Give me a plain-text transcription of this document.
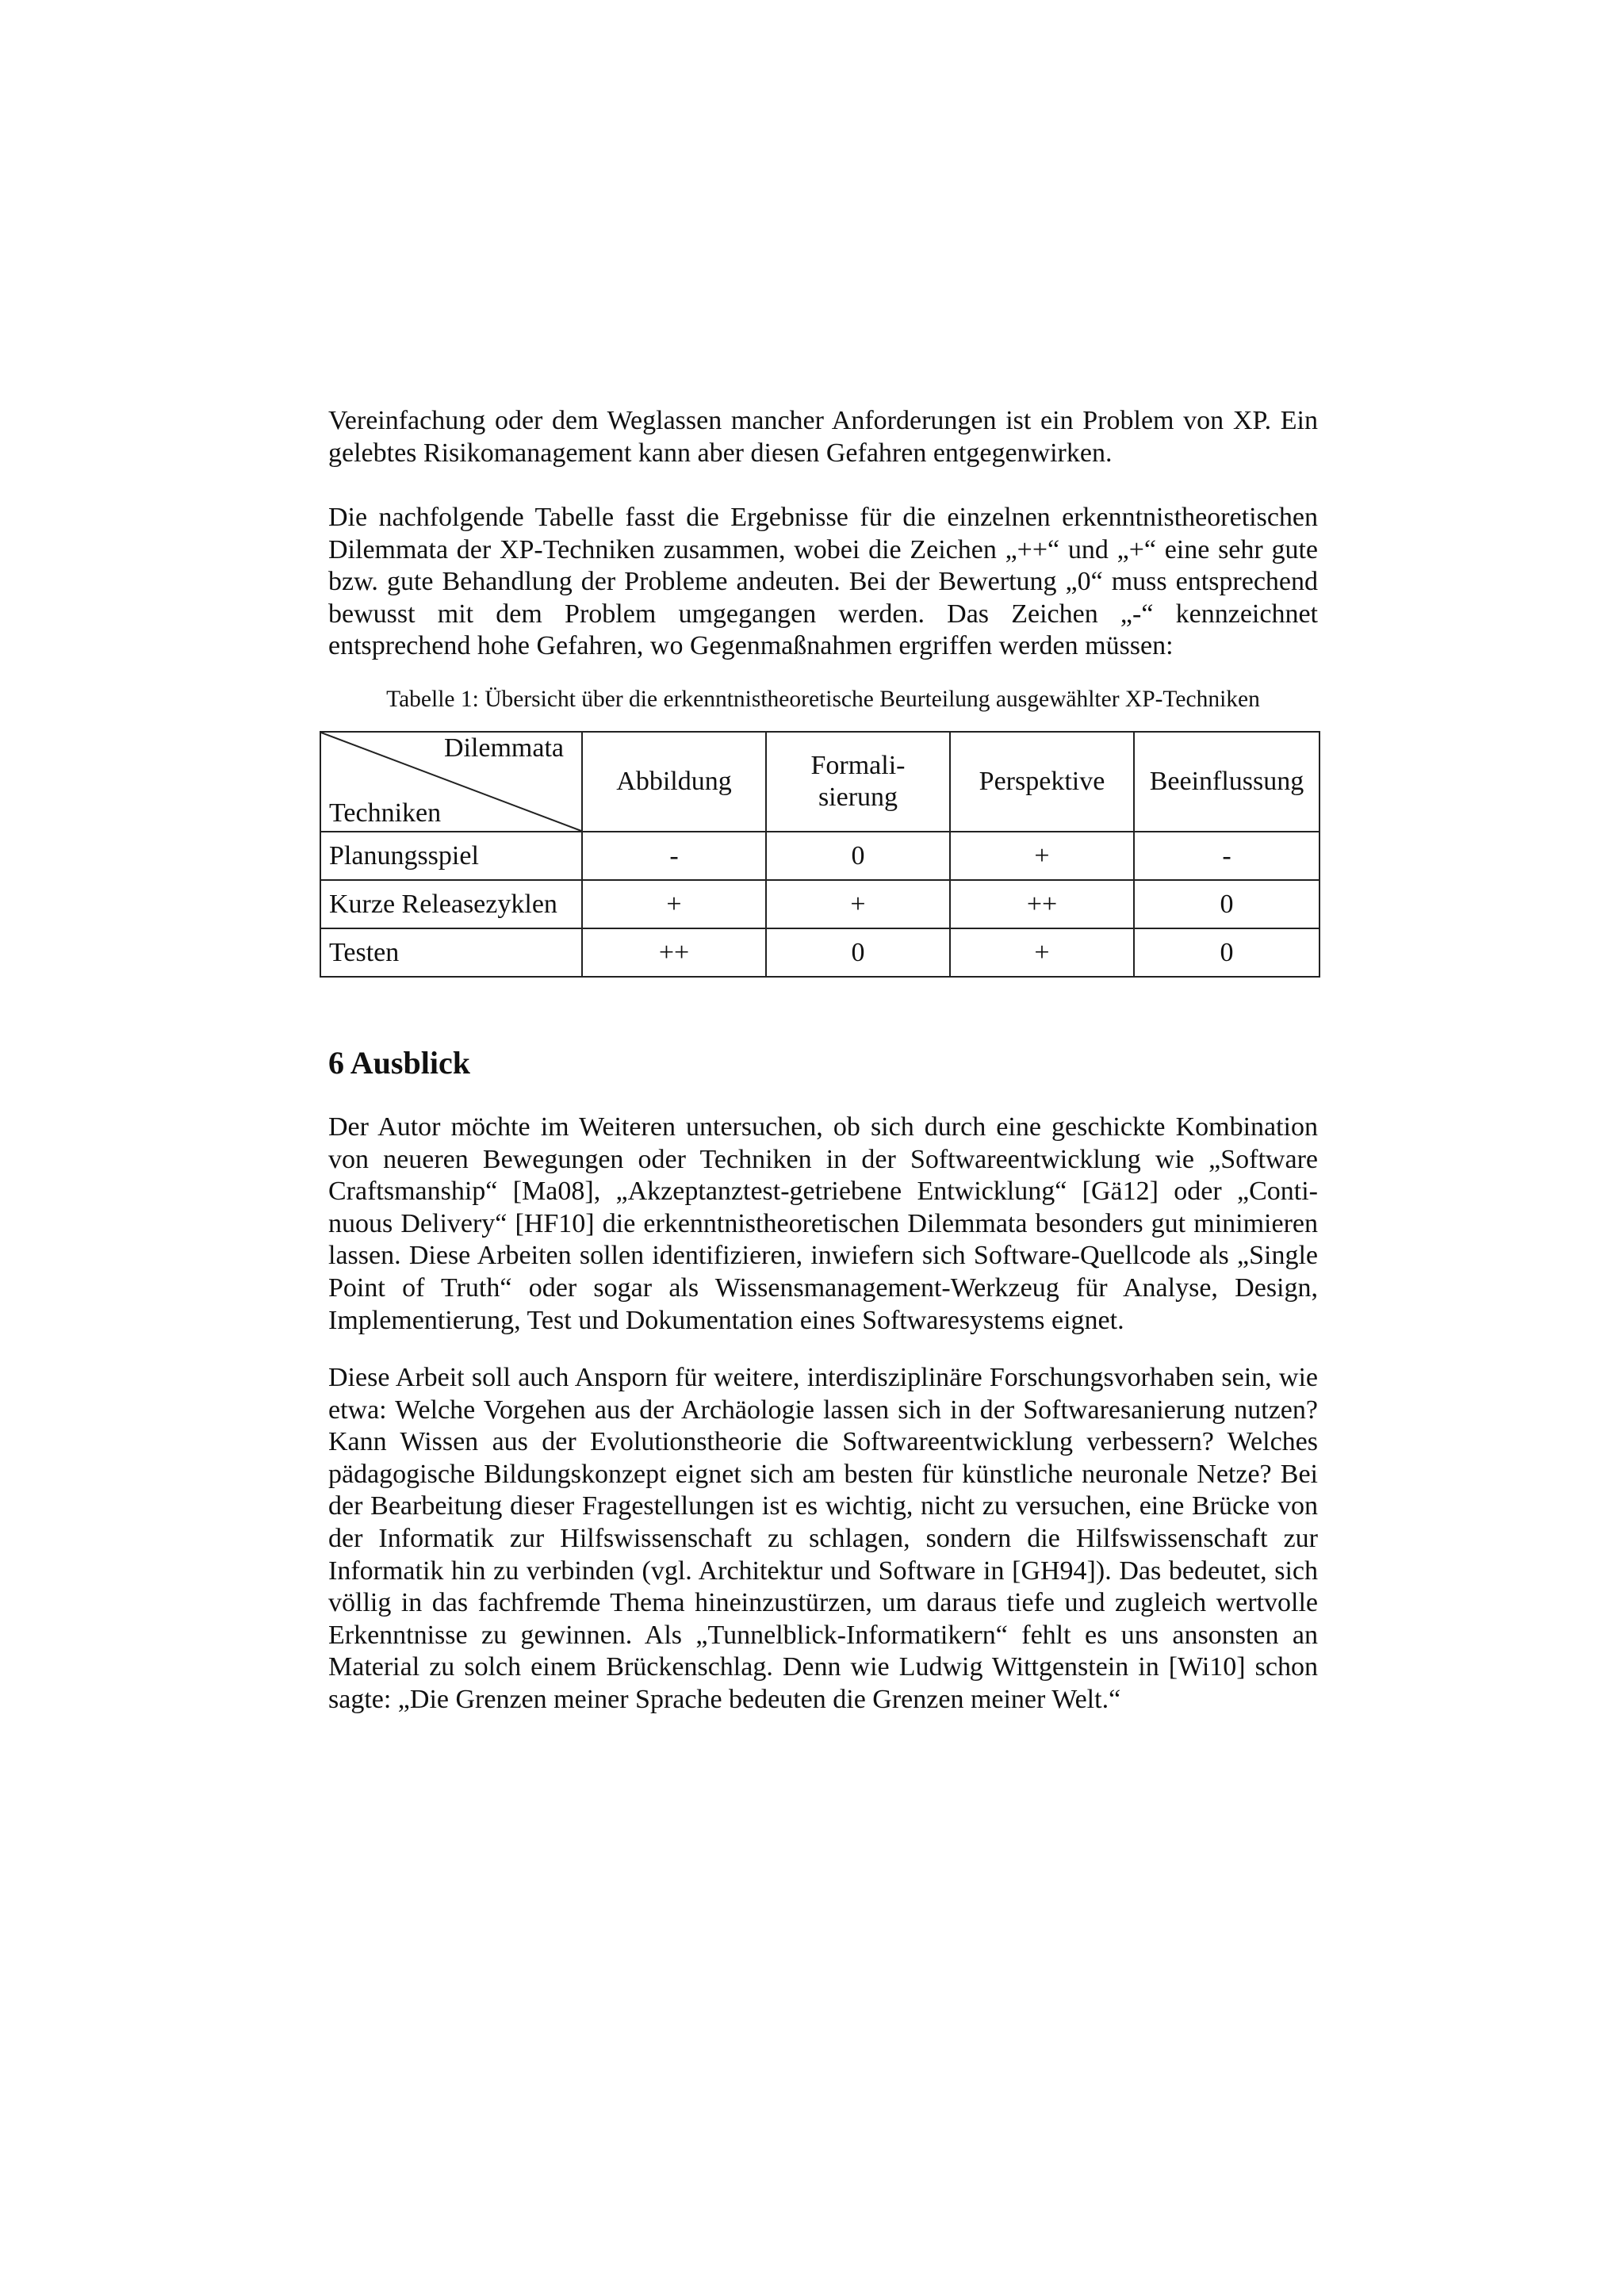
Vereinfachung oder dem Weglassen mancher Anforderungen ist ein Problem von XP. Ein gelebtes Risikomanagement kann aber diesen Gefahren entgegenwirken.

Die nachfolgende Tabelle fasst die Ergebnisse für die einzelnen erkenntnistheoretischen Dilemmata der XP-Techniken zusammen, wobei die Zeichen „++“ und „+“ eine sehr gute bzw. gute Behandlung der Probleme andeuten. Bei der Bewertung „0“ muss entsprechend bewusst mit dem Problem umgegangen werden. Das Zeichen „-“ kennzeichnet entsprechend hohe Gefahren, wo Gegenmaßnahmen ergriffen werden müssen:

Tabelle 1: Übersicht über die erkenntnistheoretische Beurteilung ausgewählter XP-Techniken
Dilemmata
Techniken	Abbildung	Formalisierung	Perspektive	Beeinflussung
Planungsspiel	-	0	+	-
Kurze Releasezyklen	+	+	++	0
Testen	++	0	+	0
6 Ausblick

Der Autor möchte im Weiteren untersuchen, ob sich durch eine geschickte Kombination von neueren Bewegungen oder Techniken in der Softwareentwicklung wie „Software Craftsmanship“ [Ma08], „Akzeptanztest-getriebene Entwicklung“ [Gä12] oder „Continuous Delivery“ [HF10] die erkenntnistheoretischen Dilemmata besonders gut minimieren lassen. Diese Arbeiten sollen identifizieren, inwiefern sich Software-Quellcode als „Single Point of Truth“ oder sogar als Wissensmanagement-Werkzeug für Analyse, Design, Implementierung, Test und Dokumentation eines Softwaresystems eignet.

Diese Arbeit soll auch Ansporn für weitere, interdisziplinäre Forschungsvorhaben sein, wie etwa: Welche Vorgehen aus der Archäologie lassen sich in der Softwaresanierung nutzen? Kann Wissen aus der Evolutionstheorie die Softwareentwicklung verbessern? Welches pädagogische Bildungskonzept eignet sich am besten für künstliche neuronale Netze? Bei der Bearbeitung dieser Fragestellungen ist es wichtig, nicht zu versuchen, eine Brücke von der Informatik zur Hilfswissenschaft zu schlagen, sondern die Hilfswissenschaft zur Informatik hin zu verbinden (vgl. Architektur und Software in [GH94]). Das bedeutet, sich völlig in das fachfremde Thema hineinzustürzen, um daraus tiefe und zugleich wertvolle Erkenntnisse zu gewinnen. Als „Tunnelblick-Informatikern“ fehlt es uns ansonsten an Material zu solch einem Brückenschlag. Denn wie Ludwig Wittgenstein in [Wi10] schon sagte: „Die Grenzen meiner Sprache bedeuten die Grenzen meiner Welt.“
